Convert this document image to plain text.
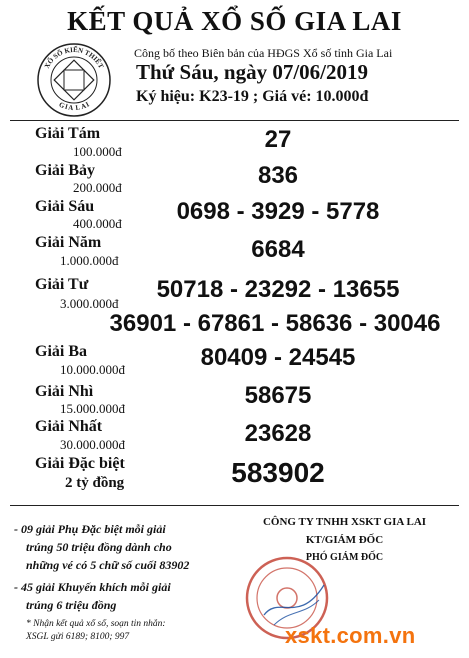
KẾT QUẢ XỔ SỐ GIA LAI
XỔ SỐ KIẾN THIẾT
GIA LAI
Công bố theo Biên bản của HĐGS Xổ số tỉnh Gia Lai
Thứ Sáu, ngày 07/06/2019
Ký hiệu: K23-19 ; Giá vé: 10.000đ
Giải Tám
100.000đ	27
Giải Bảy
200.000đ	836
Giải Sáu
400.000đ	0698 - 3929 - 5778
Giải Năm
1.000.000đ	6684
Giải Tư
3.000.000đ
50718 - 23292 - 13655
36901 - 67861 - 58636 - 30046
Giải Ba
10.000.000đ	80409 - 24545
Giải Nhì
15.000.000đ	58675
Giải Nhất
30.000.000đ	23628
Giải Đặc biệt
2 tỷ đồng	583902
- 09 giải Phụ Đặc biệt mỗi giải
trúng 50 triệu đồng dành cho
những vé có 5 chữ số cuối 83902
- 45 giải Khuyến khích mỗi giải
trúng 6 triệu đồng
* Nhận kết quả xổ số, soạn tin nhắn:
XSGL gửi 6189; 8100; 997
CÔNG TY TNHH XSKT GIA LAI
KT/GIÁM ĐỐC
PHÓ GIÁM ĐỐC
xskt.com.vn
